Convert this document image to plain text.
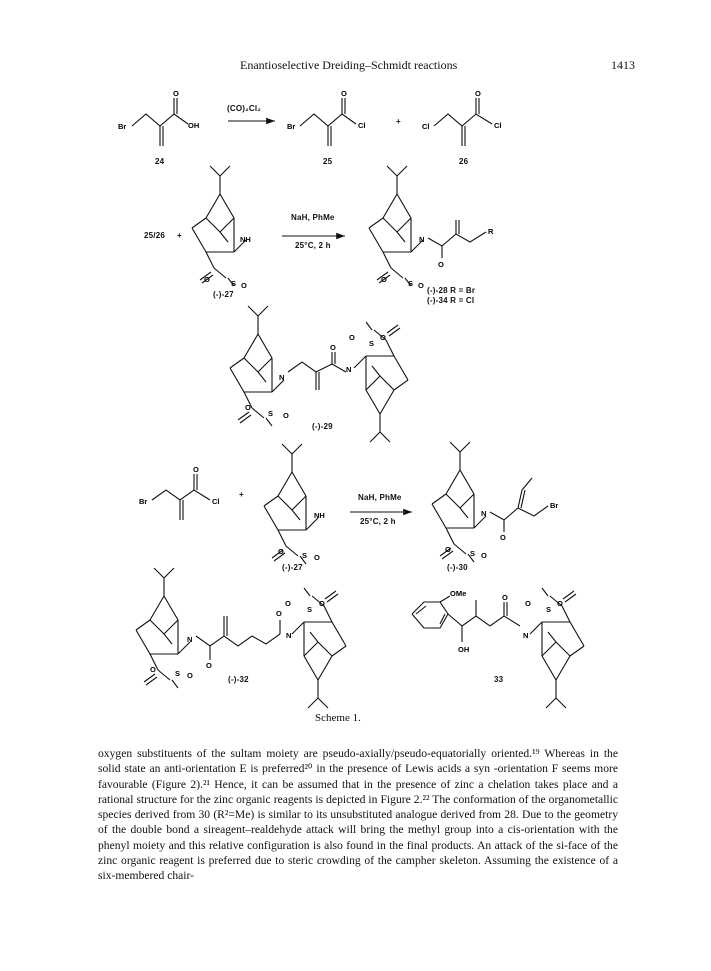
Enantioselective Dreiding–Schmidt reactions	1413
Br
O
OH	Br
O
Cl	Cl
O
Cl
NH
O	S O
N
O	S O
O
R
N
O
S O
O
N
O
S
O
Br
O
Cl
NH
O S O
N
O	S O
O
Br
N
O	S O
O
O
N
O
S
O
OMe
OH
O
N
O
S
O
(CO)₂Cl₂
+
24	25	26
25/26 +
NaH, PhMe
25°C, 2 h
(-)-27	(-)-28 R = Br
(-)-34 R = Cl
(-)-29
+	NaH, PhMe
25°C, 2 h
(-)-27	(-)-30
(-)-32	33
Scheme 1.

oxygen substituents of the sultam moiety are pseudo-axially/pseudo-equatorially oriented.¹⁹ Whereas in the solid state an anti-orientation E is preferred²⁰ in the presence of Lewis acids a syn -orientation F seems more favourable (Figure 2).²¹ Hence, it can be assumed that in the presence of zinc a chelation takes place and a rational structure for the zinc organic reagents is depicted in Figure 2.²² The conformation of the organometallic species derived from 30 (R²=Me) is similar to its unsubstituted analogue derived from 28. Due to the geometry of the double bond a sireagent–realdehyde attack will bring the methyl group into a cis-orientation with the phenyl moiety and this relative configuration is also found in the final products. An attack of the si-face of the zinc organic reagent is preferred due to steric crowding of the campher skeleton. Assuming the existence of a six-membered chair-
